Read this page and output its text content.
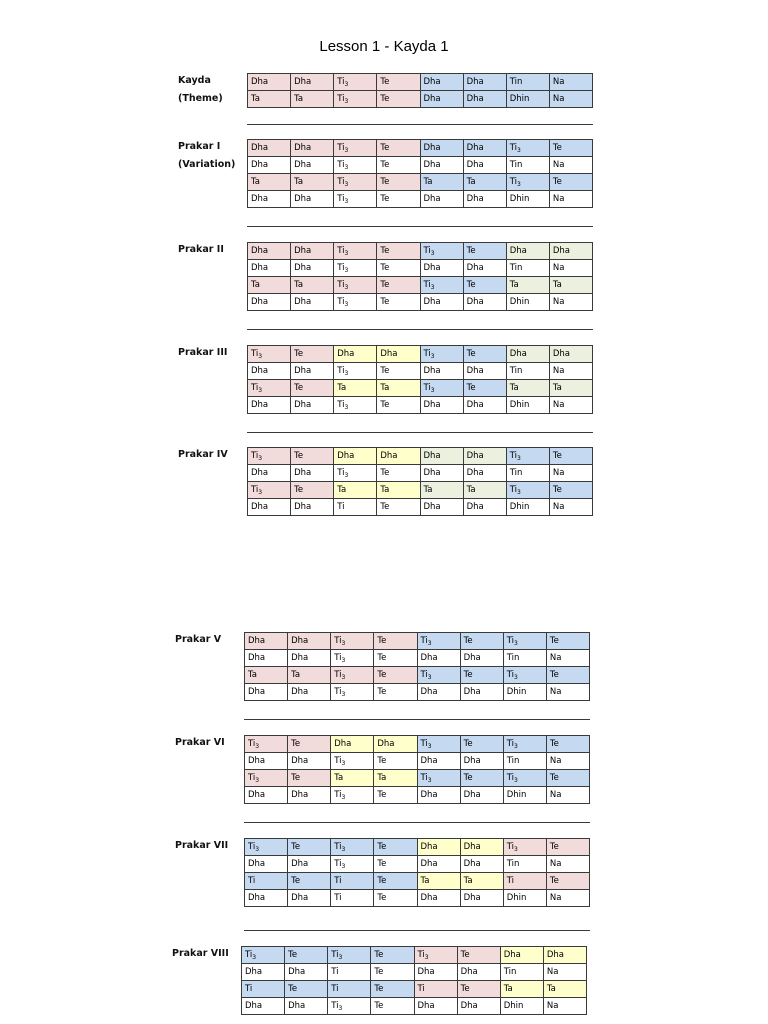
Lesson 1 - Kayda 1
Kayda
(Theme)
Dha	Dha	$Ti_3$	Te	Dha	Dha	Tin	Na
Ta	Ta	$Ti_3$	Te	Dha	Dha	Dhin	Na
Prakar I
(Variation)
Dha	Dha	$Ti_3$	Te	Dha	Dha	$Ti_3$	Te
Dha	Dha	$Ti_3$	Te	Dha	Dha	Tin	Na
Ta	Ta	$Ti_3$	Te	Ta	Ta	$Ti_3$	Te
Dha	Dha	$Ti_3$	Te	Dha	Dha	Dhin	Na
Prakar II	Dha	Dha	$Ti_3$	Te	$Ti_3$	Te	Dha	Dha
Dha	Dha	$Ti_3$	Te	Dha	Dha	Tin	Na
Ta	Ta	$Ti_3$	Te	$Ti_3$	Te	Ta	Ta
Dha	Dha	$Ti_3$	Te	Dha	Dha	Dhin	Na
Prakar III	$Ti_3$	Te	Dha	Dha	$Ti_3$	Te	Dha	Dha
Dha	Dha	$Ti_3$	Te	Dha	Dha	Tin	Na
$Ti_3$	Te	Ta	Ta	$Ti_3$	Te	Ta	Ta
Dha	Dha	$Ti_3$	Te	Dha	Dha	Dhin	Na
Prakar IV	$Ti_3$	Te	Dha	Dha	Dha	Dha	$Ti_3$	Te
Dha	Dha	$Ti_3$	Te	Dha	Dha	Tin	Na
$Ti_3$	Te	Ta	Ta	Ta	Ta	$Ti_3$	Te
Dha	Dha	Ti	Te	Dha	Dha	Dhin	Na
Prakar V	Dha	Dha	$Ti_3$	Te	$Ti_3$	Te	$Ti_3$	Te
Dha	Dha	$Ti_3$	Te	Dha	Dha	Tin	Na
Ta	Ta	$Ti_3$	Te	$Ti_3$	Te	$Ti_3$	Te
Dha	Dha	$Ti_3$	Te	Dha	Dha	Dhin	Na
Prakar VI	$Ti_3$	Te	Dha	Dha	$Ti_3$	Te	$Ti_3$	Te
Dha	Dha	$Ti_3$	Te	Dha	Dha	Tin	Na
$Ti_3$	Te	Ta	Ta	$Ti_3$	Te	$Ti_3$	Te
Dha	Dha	$Ti_3$	Te	Dha	Dha	Dhin	Na
Prakar VII $Ti_3$	Te	$Ti_3$	Te	Dha	Dha	$Ti_3$	Te
Dha	Dha	$Ti_3$	Te	Dha	Dha	Tin	Na
Ti	Te	Ti	Te	Ta	Ta	Ti	Te
Dha	Dha	Ti	Te	Dha	Dha	Dhin	Na
Prakar VIII $Ti_3$	Te	$Ti_3$	Te	$Ti_3$	Te	Dha	Dha
Dha	Dha	Ti	Te	Dha	Dha	Tin	Na
Ti	Te	Ti	Te	Ti	Te	Ta	Ta
Dha	Dha	$Ti_3$	Te	Dha	Dha	Dhin	Na
